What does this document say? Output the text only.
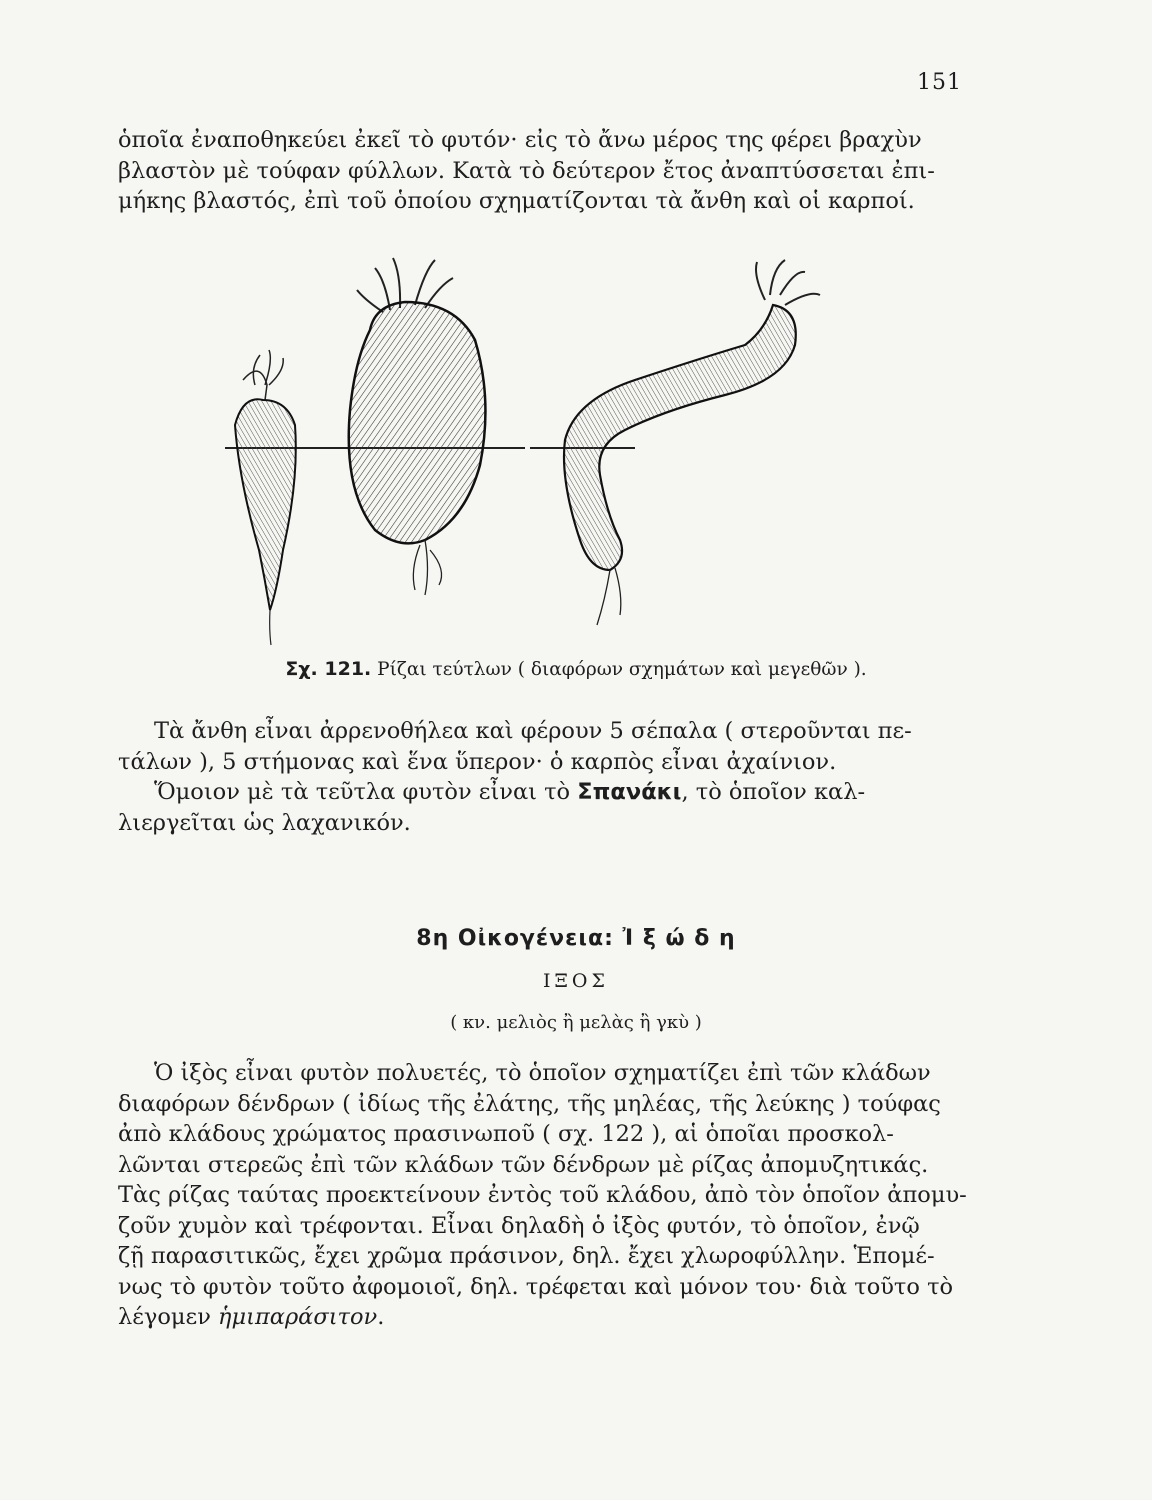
151

ὁποῖα ἐναποθηκεύει ἐκεῖ τὸ φυτόν· εἰς τὸ ἄνω μέρος της φέρει βραχὺν
βλαστὸν μὲ τούφαν φύλλων. Κατὰ τὸ δεύτερον ἔτος ἀναπτύσσεται ἐπι-
μήκης βλαστός, ἐπὶ τοῦ ὁποίου σχηματίζονται τὰ ἄνθη καὶ οἱ καρποί.

Σχ. 121. Ρίζαι τεύτλων ( διαφόρων σχημάτων καὶ μεγεθῶν ).

Τὰ ἄνθη εἶναι ἀρρενοθήλεα καὶ φέρουν 5 σέπαλα ( στεροῦνται πε-
τάλων ), 5 στήμονας καὶ ἕνα ὕπερον· ὁ καρπὸς εἶναι ἀχαίνιον.
Ὅμοιον μὲ τὰ τεῦτλα φυτὸν εἶναι τὸ Σπανάκι, τὸ ὁποῖον καλ-
λιεργεῖται ὡς λαχανικόν.

8η Οἰκογένεια: Ἰ ξ ώ δ η
ΙΞΟΣ
( κν. μελιὸς ἢ μελὰς ἢ γκὺ )

Ὁ ἰξὸς εἶναι φυτὸν πολυετές, τὸ ὁποῖον σχηματίζει ἐπὶ τῶν κλάδων
διαφόρων δένδρων ( ἰδίως τῆς ἐλάτης, τῆς μηλέας, τῆς λεύκης ) τούφας
ἀπὸ κλάδους χρώματος πρασινωποῦ ( σχ. 122 ), αἱ ὁποῖαι προσκολ-
λῶνται στερεῶς ἐπὶ τῶν κλάδων τῶν δένδρων μὲ ρίζας ἀπομυζητικάς.
Τὰς ρίζας ταύτας προεκτείνουν ἐντὸς τοῦ κλάδου, ἀπὸ τὸν ὁποῖον ἀπομυ-
ζοῦν χυμὸν καὶ τρέφονται. Εἶναι δηλαδὴ ὁ ἰξὸς φυτόν, τὸ ὁποῖον, ἐνῷ
ζῇ παρασιτικῶς, ἔχει χρῶμα πράσινον, δηλ. ἔχει χλωροφύλλην. Ἑπομέ-
νως τὸ φυτὸν τοῦτο ἀφομοιοῖ, δηλ. τρέφεται καὶ μόνον του· διὰ τοῦτο τὸ
λέγομεν ἡμιπαράσιτον.
